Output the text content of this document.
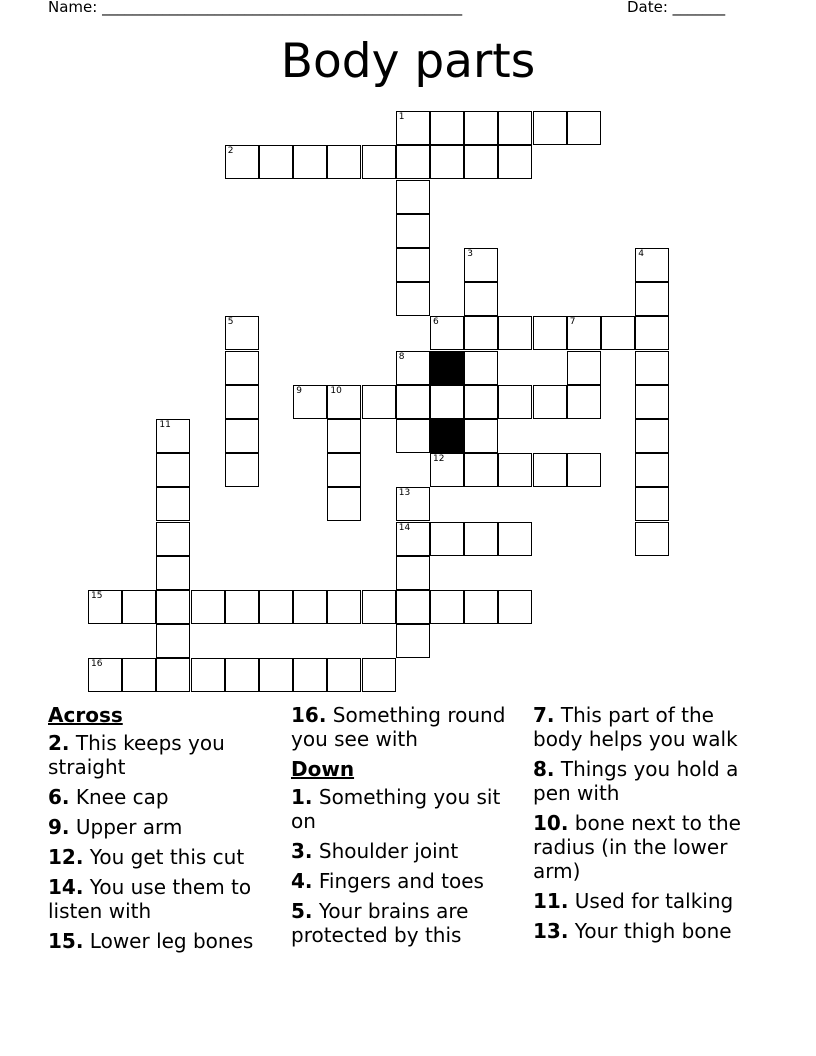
Name: ________________________________________________	Date: _______
Body parts
1
2
3	4
5	6	7
8
9	10
11
12
13
14
15
16
Across
2. This keeps you straight
6. Knee cap
9. Upper arm
12. You get this cut
14. You use them to listen with
15. Lower leg bones
16. Something round you see with
Down
1. Something you sit on
3. Shoulder joint
4. Fingers and toes
5. Your brains are protected by this
7. This part of the body helps you walk
8. Things you hold a pen with
10. bone next to the radius (in the lower arm)
11. Used for talking
13. Your thigh bone
